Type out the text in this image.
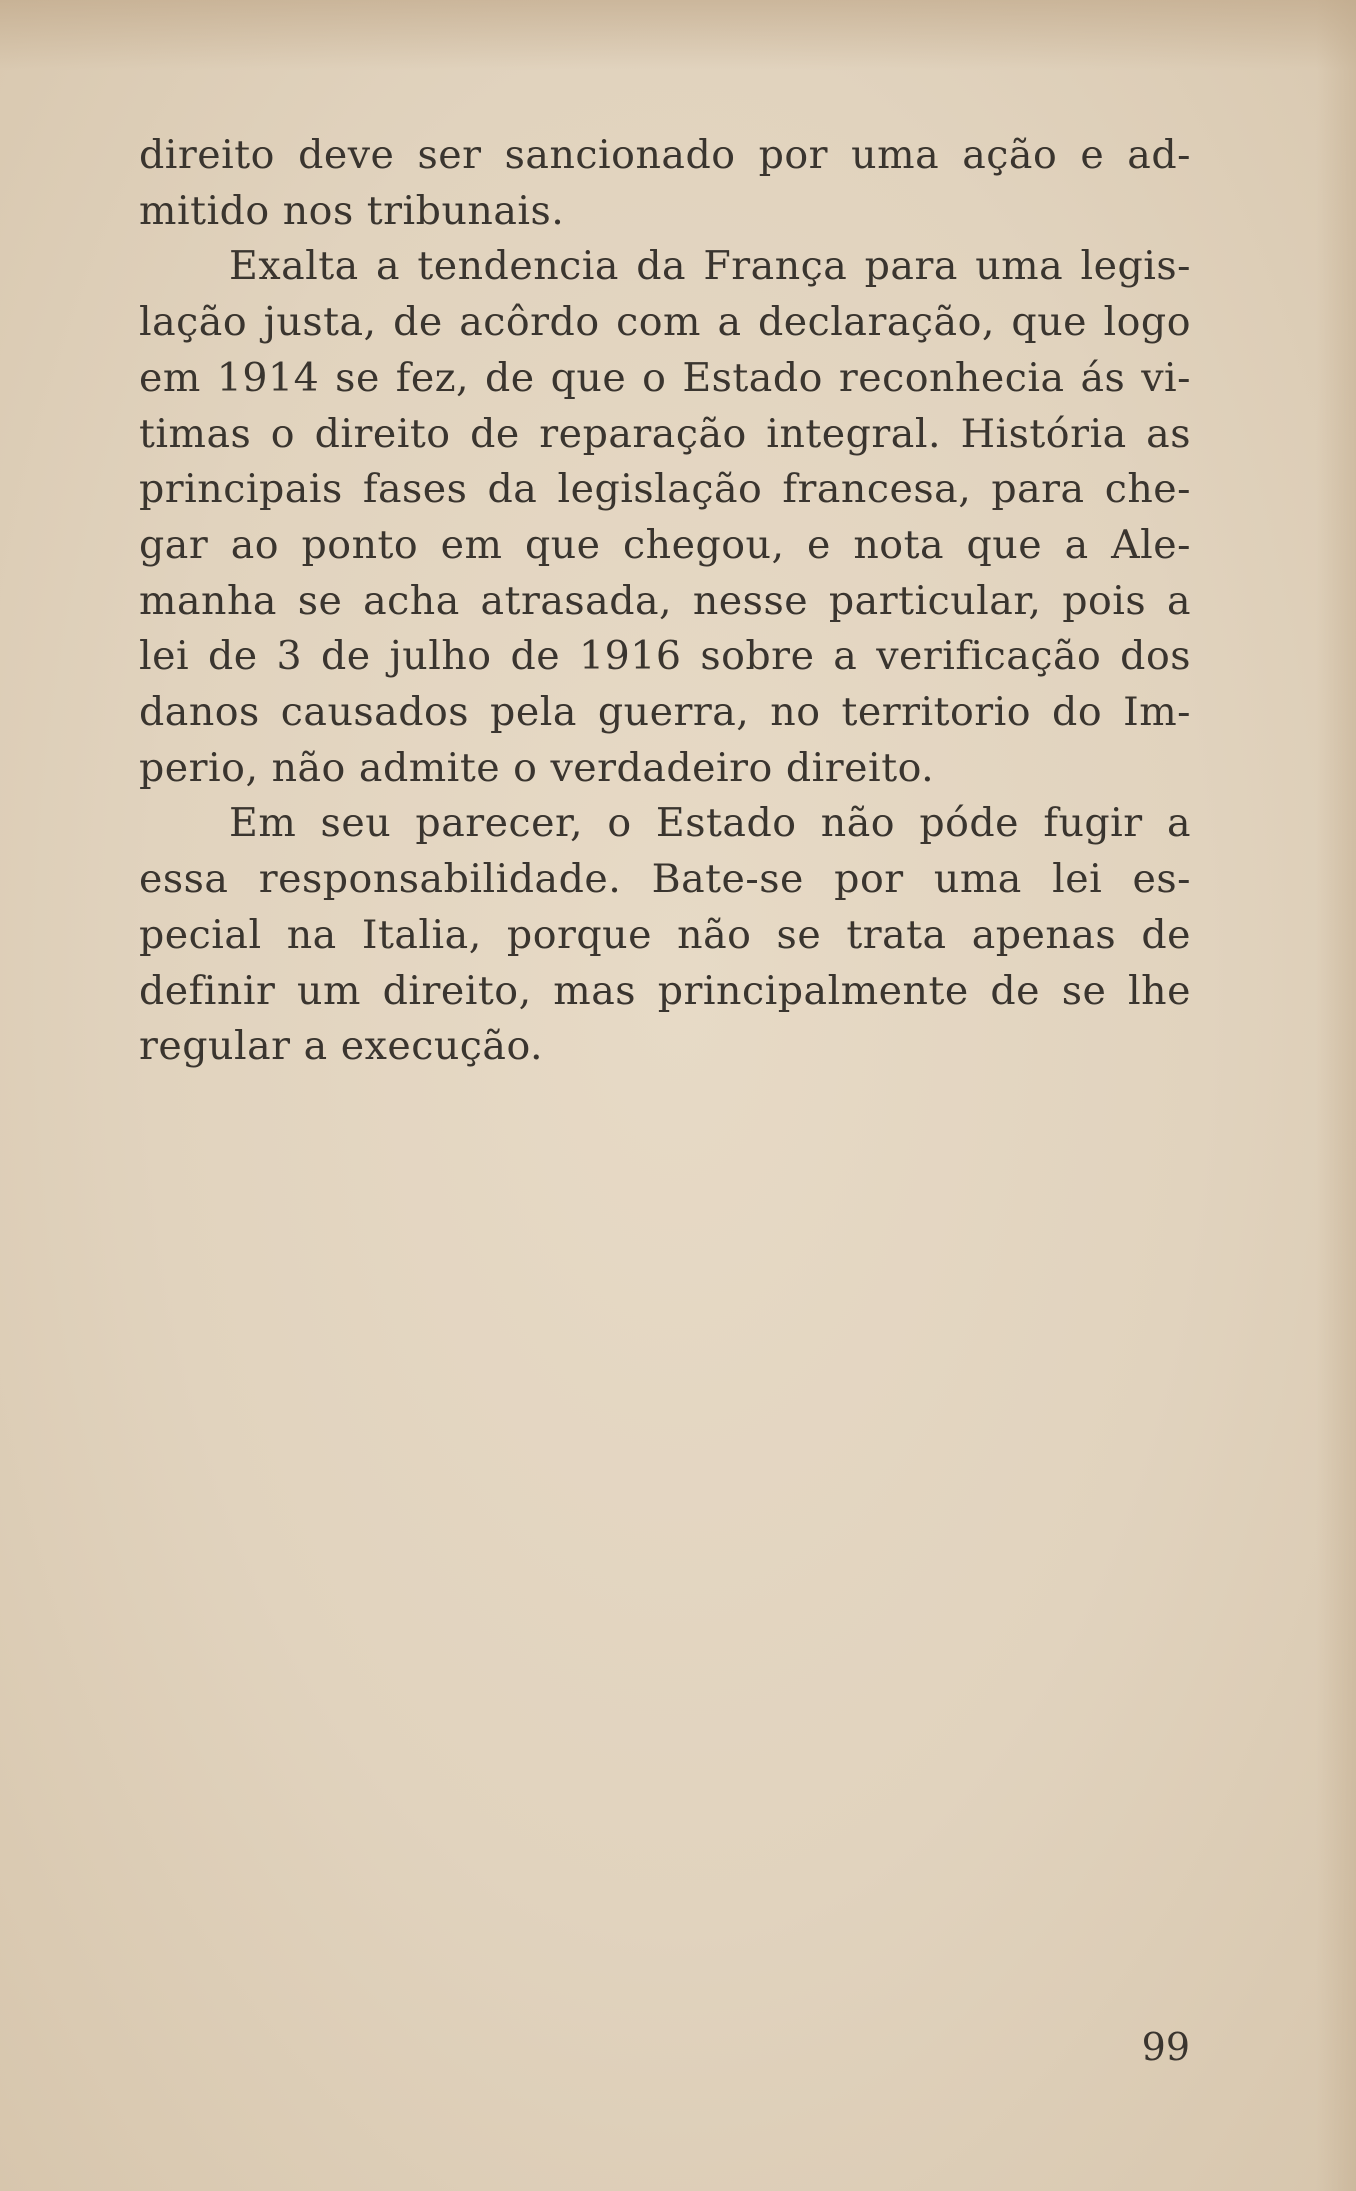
direito deve ser sancionado por uma ação e ad-
mitido nos tribunais.
Exalta a tendencia da França para uma legis-
lação justa, de acôrdo com a declaração, que logo
em 1914 se fez, de que o Estado reconhecia ás vi-
timas o direito de reparação integral. História as
principais fases da legislação francesa, para che-
gar ao ponto em que chegou, e nota que a Ale-
manha se acha atrasada, nesse particular, pois a
lei de 3 de julho de 1916 sobre a verificação dos
danos causados pela guerra, no territorio do Im-
perio, não admite o verdadeiro direito.
Em seu parecer, o Estado não póde fugir a
essa responsabilidade. Bate-se por uma lei es-
pecial na Italia, porque não se trata apenas de
definir um direito, mas principalmente de se lhe
regular a execução.
99
